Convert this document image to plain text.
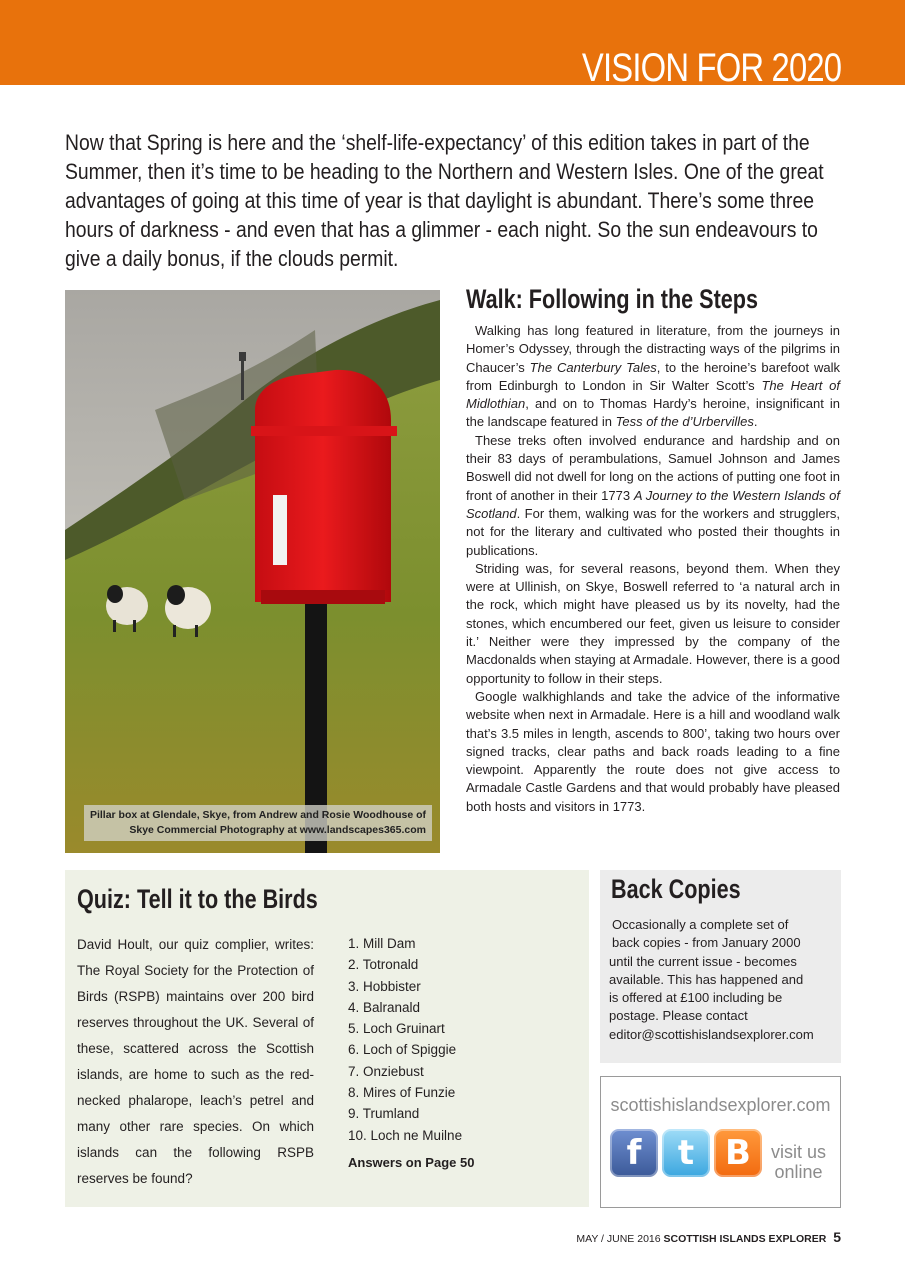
VISION FOR 2020

Now that Spring is here and the ‘shelf-life-expectancy’ of this edition takes in part of the Summer, then it’s time to be heading to the Northern and Western Isles. One of the great advantages of going at this time of year is that daylight is abundant. There’s some three hours of darkness - and even that has a glimmer - each night. So the sun endeavours to give a daily bonus, if the clouds permit.

Pillar box at Glendale, Skye, from Andrew and Rosie Woodhouse of
Skye Commercial Photography at www.landscapes365.com
Walk: Following in the Steps

Walking has long featured in literature, from the journeys in Homer’s Odyssey, through the distracting ways of the pilgrims in Chaucer’s The Canterbury Tales, to the heroine’s barefoot walk from Edinburgh to London in Sir Walter Scott’s The Heart of Midlothian, and on to Thomas Hardy’s heroine, insignificant in the landscape featured in Tess of the d’Urbervilles.

These treks often involved endurance and hardship and on their 83 days of perambulations, Samuel Johnson and James Boswell did not dwell for long on the actions of putting one foot in front of another in their 1773 A Journey to the Western Islands of Scotland. For them, walking was for the workers and strugglers, not for the literary and cultivated who posted their thoughts in publications.

Striding was, for several reasons, beyond them. When they were at Ullinish, on Skye, Boswell referred to ‘a natural arch in the rock, which might have pleased us by its novelty, had the stones, which encumbered our feet, given us leisure to consider it.’ Neither were they impressed by the company of the Macdonalds when staying at Armadale. However, there is a good opportunity to follow in their steps.

Google walkhighlands and take the advice of the informative website when next in Armadale. Here is a hill and woodland walk that’s 3.5 miles in length, ascends to 800’, taking two hours over signed tracks, clear paths and back roads leading to a fine viewpoint. Apparently the route does not give access to Armadale Castle Gardens and that would probably have pleased both hosts and visitors in 1773.

Quiz: Tell it to the Birds

David Hoult, our quiz complier, writes: The Royal Society for the Protection of Birds (RSPB) maintains over 200 bird reserves throughout the UK. Several of these, scattered across the Scottish islands, are home to such as the red-necked phalarope, leach’s petrel and many other rare species. On which islands can the following RSPB reserves be found?

1. Mill Dam
2. Totronald
3. Hobbister
4. Balranald
5. Loch Gruinart
6. Loch of Spiggie
7. Onziebust
8. Mires of Funzie
9. Trumland
10. Loch ne Muilne
Answers on Page 50
Back Copies
Occasionally a complete set of
back copies - from January 2000
until the current issue - becomes
available. This has happened and
is offered at £100 including be
postage. Please contact
editor@scottishislandsexplorer.com
scottishislandsexplorer.com
f	t B	visit us
online
MAY / JUNE 2016 SCOTTISH ISLANDS EXPLORER 5
